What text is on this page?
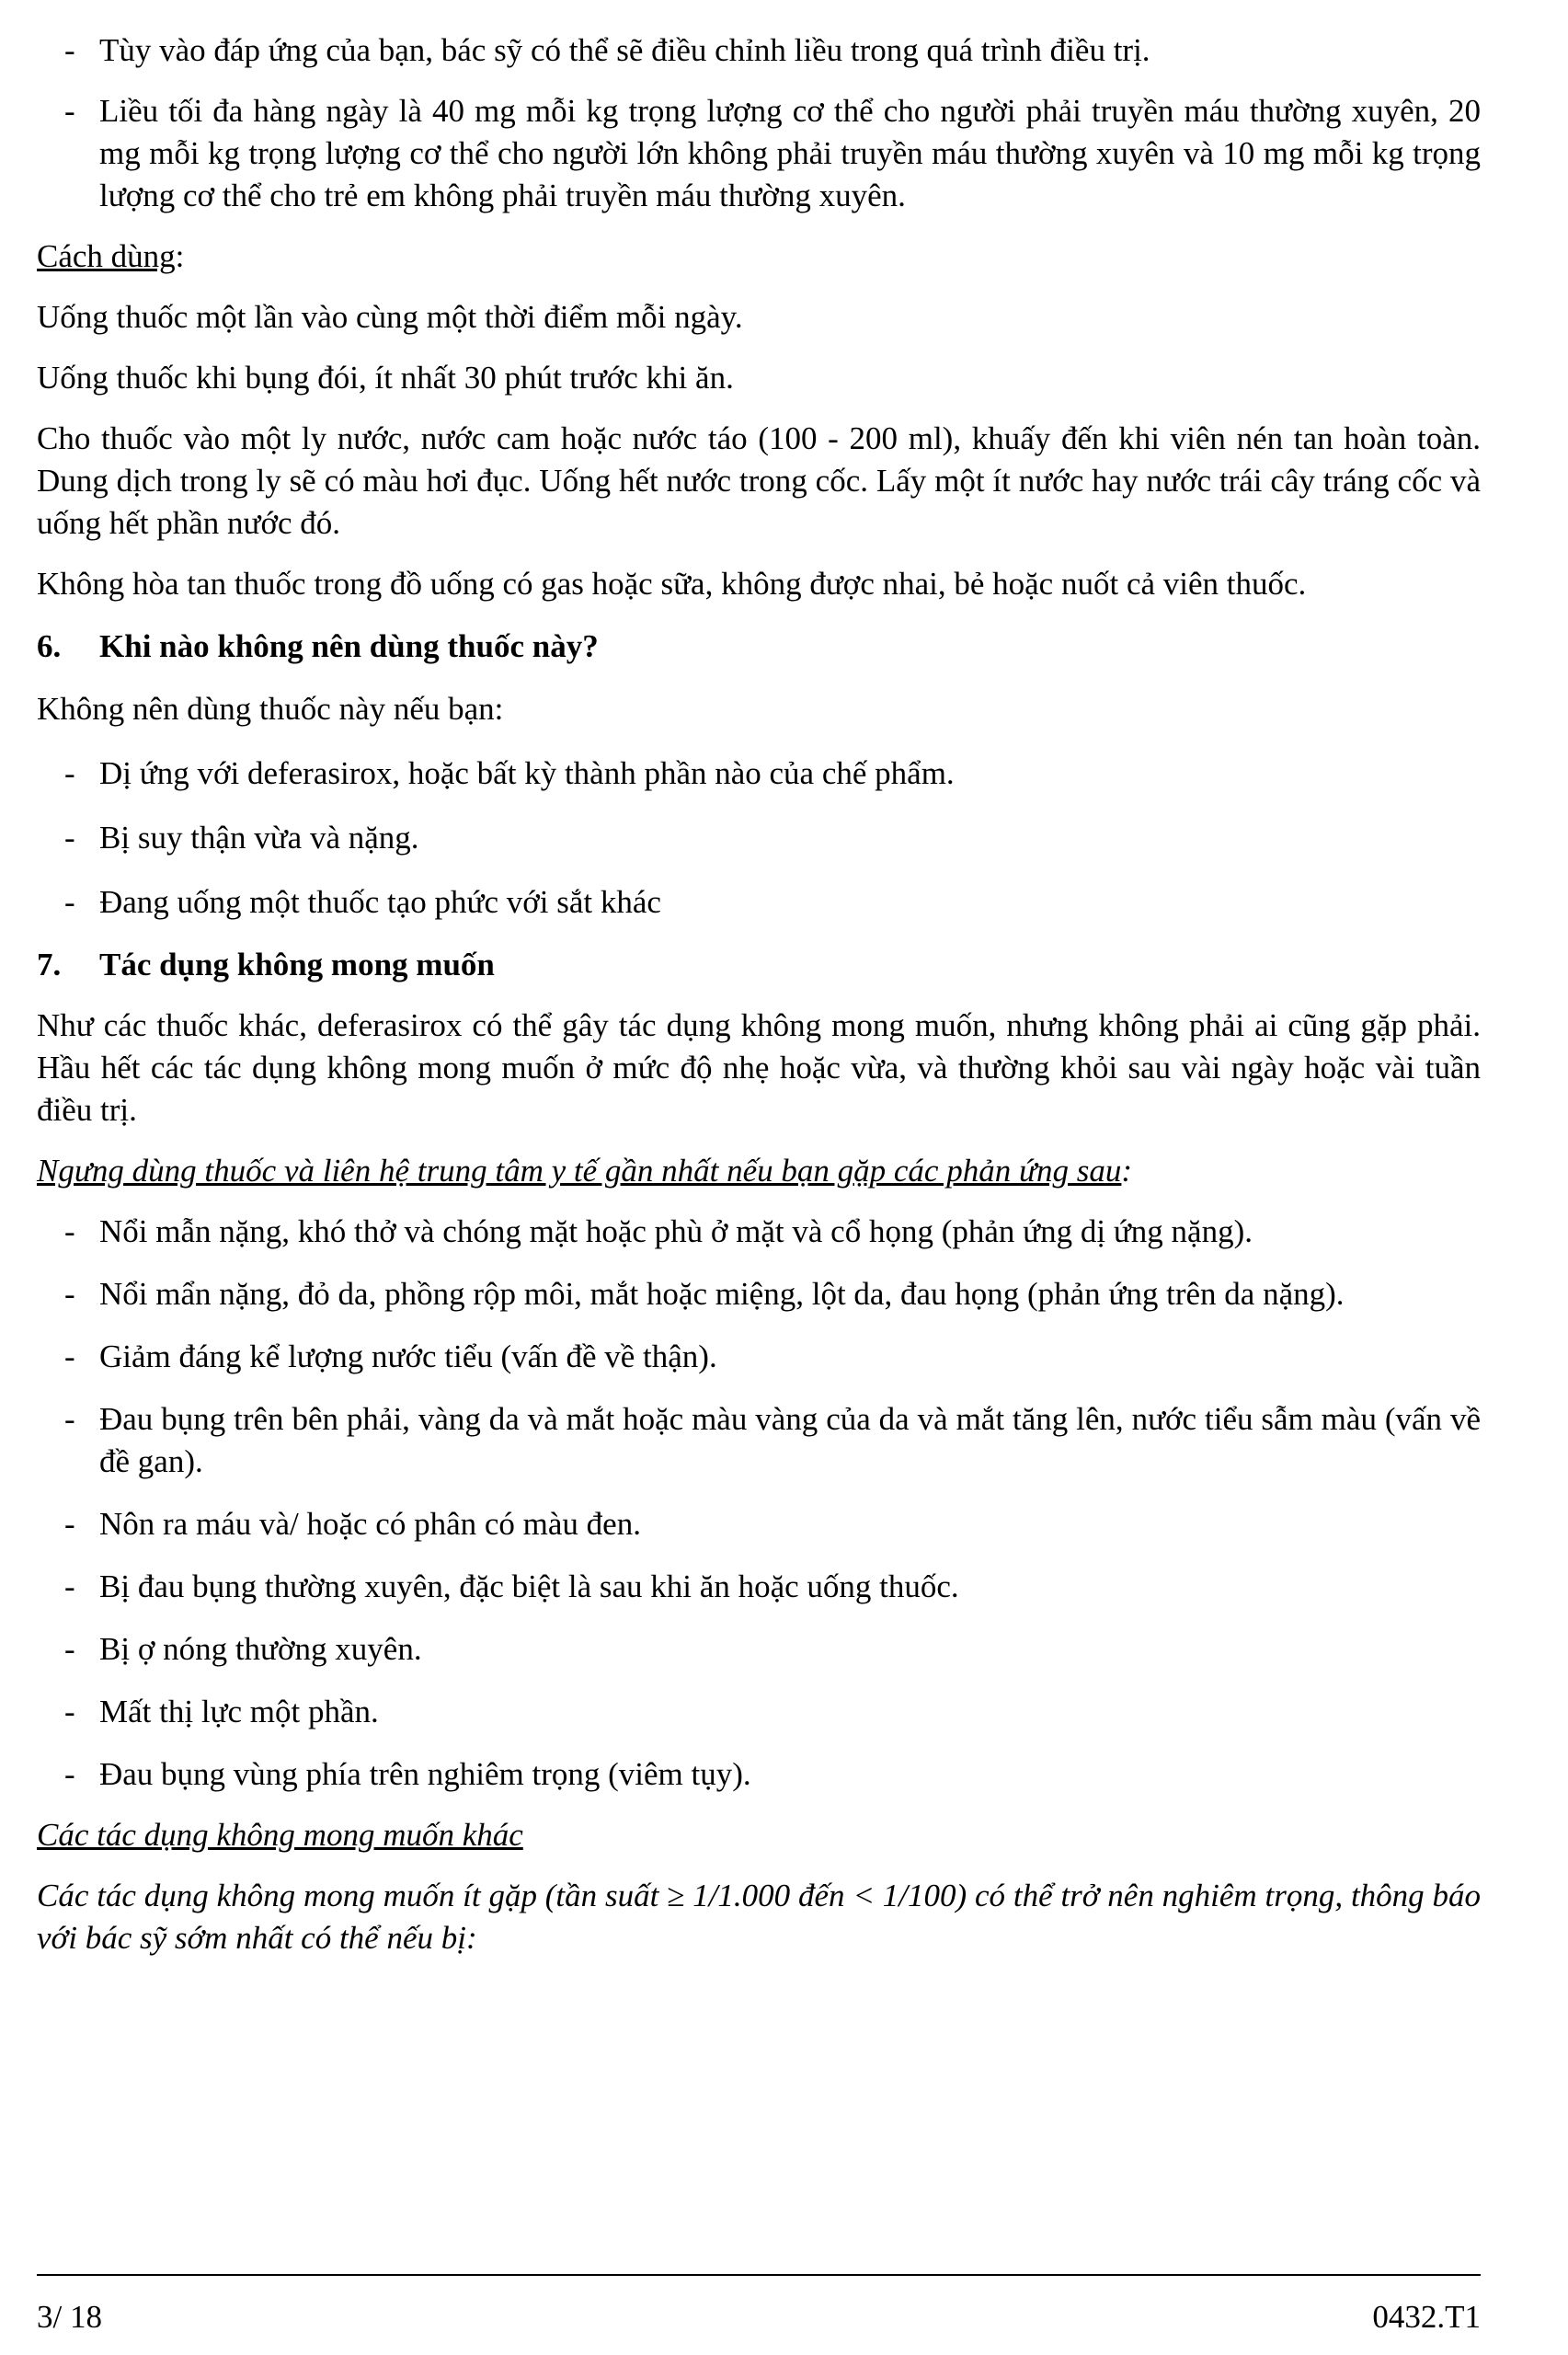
- Tùy vào đáp ứng của bạn, bác sỹ có thể sẽ điều chỉnh liều trong quá trình điều trị.

- Liều tối đa hàng ngày là 40 mg mỗi kg trọng lượng cơ thể cho người phải truyền máu thường xuyên, 20 mg mỗi kg trọng lượng cơ thể cho người lớn không phải truyền máu thường xuyên và 10 mg mỗi kg trọng lượng cơ thể cho trẻ em không phải truyền máu thường xuyên.

Cách dùng:

Uống thuốc một lần vào cùng một thời điểm mỗi ngày.

Uống thuốc khi bụng đói, ít nhất 30 phút trước khi ăn.

Cho thuốc vào một ly nước, nước cam hoặc nước táo (100 - 200 ml), khuấy đến khi viên nén tan hoàn toàn. Dung dịch trong ly sẽ có màu hơi đục. Uống hết nước trong cốc. Lấy một ít nước hay nước trái cây tráng cốc và uống hết phần nước đó.

Không hòa tan thuốc trong đồ uống có gas hoặc sữa, không được nhai, bẻ hoặc nuốt cả viên thuốc.

6. Khi nào không nên dùng thuốc này?

Không nên dùng thuốc này nếu bạn:

- Dị ứng với deferasirox, hoặc bất kỳ thành phần nào của chế phẩm.

- Bị suy thận vừa và nặng.

- Đang uống một thuốc tạo phức với sắt khác

7. Tác dụng không mong muốn

Như các thuốc khác, deferasirox có thể gây tác dụng không mong muốn, nhưng không phải ai cũng gặp phải. Hầu hết các tác dụng không mong muốn ở mức độ nhẹ hoặc vừa, và thường khỏi sau vài ngày hoặc vài tuần điều trị.

Ngưng dùng thuốc và liên hệ trung tâm y tế gần nhất nếu bạn gặp các phản ứng sau:

- Nổi mẫn nặng, khó thở và chóng mặt hoặc phù ở mặt và cổ họng (phản ứng dị ứng nặng).

- Nổi mẩn nặng, đỏ da, phồng rộp môi, mắt hoặc miệng, lột da, đau họng (phản ứng trên da nặng).

- Giảm đáng kể lượng nước tiểu (vấn đề về thận).

- Đau bụng trên bên phải, vàng da và mắt hoặc màu vàng của da và mắt tăng lên, nước tiểu sẫm màu (vấn về đề gan).

- Nôn ra máu và/ hoặc có phân có màu đen.

- Bị đau bụng thường xuyên, đặc biệt là sau khi ăn hoặc uống thuốc.

- Bị ợ nóng thường xuyên.

- Mất thị lực một phần.

- Đau bụng vùng phía trên nghiêm trọng (viêm tụy).

Các tác dụng không mong muốn khác

Các tác dụng không mong muốn ít gặp (tần suất ≥ 1/1.000 đến < 1/100) có thể trở nên nghiêm trọng, thông báo với bác sỹ sớm nhất có thể nếu bị:

3/ 18	0432.T1
